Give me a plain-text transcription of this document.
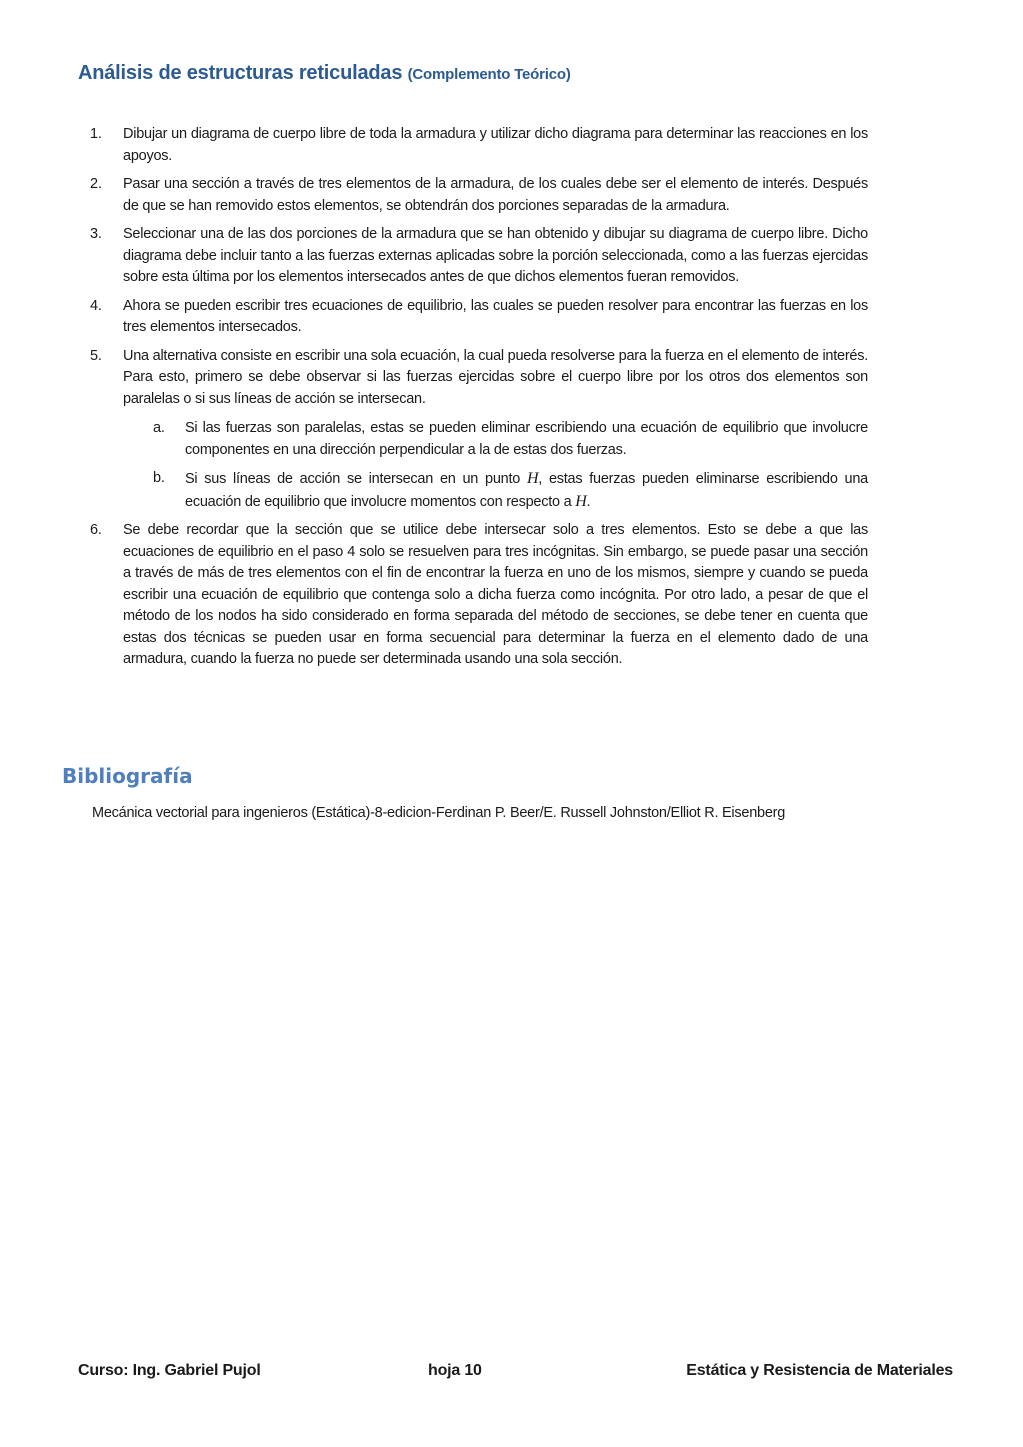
Análisis de estructuras reticuladas (Complemento Teórico)
1. Dibujar un diagrama de cuerpo libre de toda la armadura y utilizar dicho diagrama para determinar las reacciones en los apoyos.
2. Pasar una sección a través de tres elementos de la armadura, de los cuales debe ser el elemento de interés. Después de que se han removido estos elementos, se obtendrán dos porciones separadas de la armadura.
3. Seleccionar una de las dos porciones de la armadura que se han obtenido y dibujar su diagrama de cuerpo libre. Dicho diagrama debe incluir tanto a las fuerzas externas aplicadas sobre la porción seleccionada, como a las fuerzas ejercidas sobre esta última por los elementos intersecados antes de que dichos elementos fueran removidos.
4. Ahora se pueden escribir tres ecuaciones de equilibrio, las cuales se pueden resolver para encontrar las fuerzas en los tres elementos intersecados.
5. Una alternativa consiste en escribir una sola ecuación, la cual pueda resolverse para la fuerza en el elemento de interés. Para esto, primero se debe observar si las fuerzas ejercidas sobre el cuerpo libre por los otros dos elementos son paralelas o si sus líneas de acción se intersecan.
a. Si las fuerzas son paralelas, estas se pueden eliminar escribiendo una ecuación de equilibrio que involucre componentes en una dirección perpendicular a la de estas dos fuerzas.
b. Si sus líneas de acción se intersecan en un punto H, estas fuerzas pueden eliminarse escribiendo una ecuación de equilibrio que involucre momentos con respecto a H.
6. Se debe recordar que la sección que se utilice debe intersecar solo a tres elementos. Esto se debe a que las ecuaciones de equilibrio en el paso 4 solo se resuelven para tres incógnitas. Sin embargo, se puede pasar una sección a través de más de tres elementos con el fin de encontrar la fuerza en uno de los mismos, siempre y cuando se pueda escribir una ecuación de equilibrio que contenga solo a dicha fuerza como incógnita. Por otro lado, a pesar de que el método de los nodos ha sido considerado en forma separada del método de secciones, se debe tener en cuenta que estas dos técnicas se pueden usar en forma secuencial para determinar la fuerza en el elemento dado de una armadura, cuando la fuerza no puede ser determinada usando una sola sección.
Bibliografía

Mecánica vectorial para ingenieros (Estática)-8-edicion-Ferdinan P. Beer/E. Russell Johnston/Elliot R. Eisenberg

Curso: Ing. Gabriel Pujol	hoja 10	Estática y Resistencia de Materiales
